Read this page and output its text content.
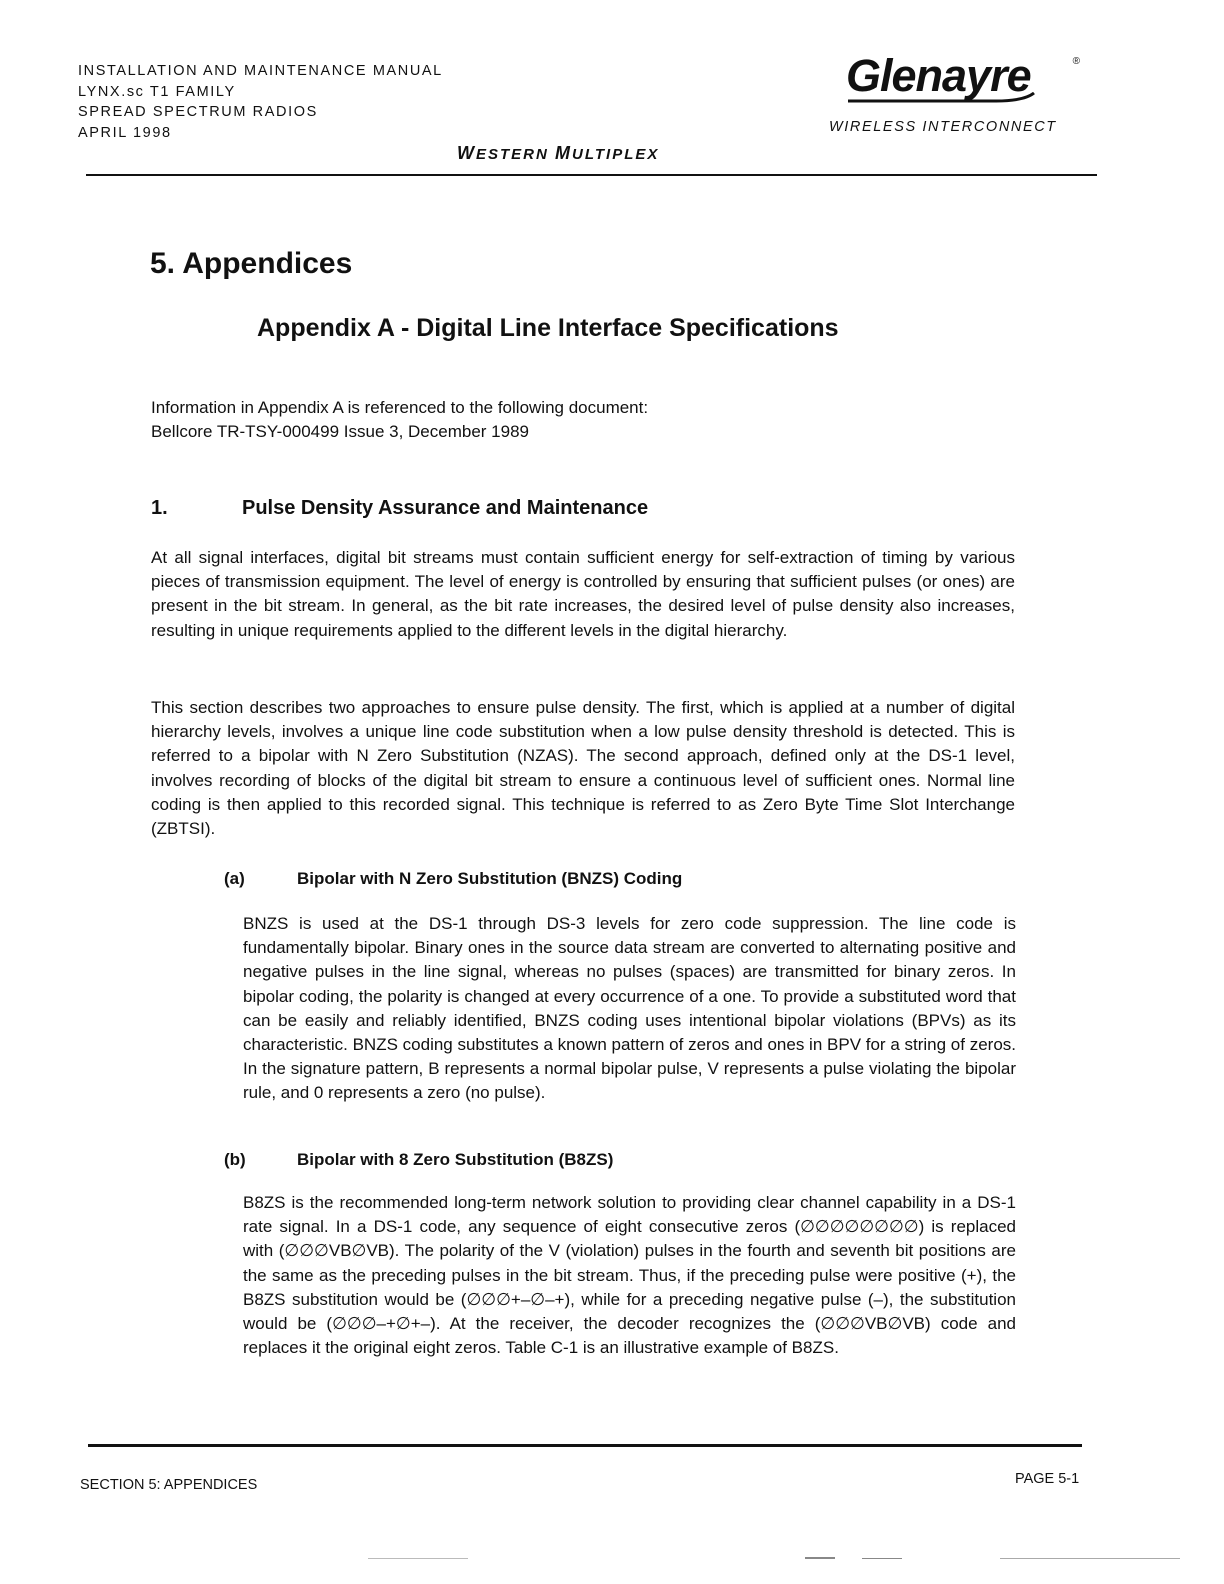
INSTALLATION AND MAINTENANCE MANUAL
LYNX.sc T1 FAMILY
SPREAD SPECTRUM RADIOS
APRIL 1998
Glenayre	®
WIRELESS INTERCONNECT
WESTERN MULTIPLEX
5. Appendices
Appendix A - Digital Line Interface Specifications
Information in Appendix A is referenced to the following document:
Bellcore TR-TSY-000499 Issue 3, December 1989
1.	Pulse Density Assurance and Maintenance
At all signal interfaces, digital bit streams must contain sufficient energy for self-extraction of timing by various pieces of transmission equipment. The level of energy is controlled by ensuring that sufficient pulses (or ones) are present in the bit stream. In general, as the bit rate increases, the desired level of pulse density also increases, resulting in unique requirements applied to the different levels in the digital hierarchy.
This section describes two approaches to ensure pulse density. The first, which is applied at a number of digital hierarchy levels, involves a unique line code substitution when a low pulse density threshold is detected. This is referred to a bipolar with N Zero Substitution (NZAS). The second approach, defined only at the DS-1 level, involves recording of blocks of the digital bit stream to ensure a continuous level of sufficient ones. Normal line coding is then applied to this recorded signal. This technique is referred to as Zero Byte Time Slot Interchange (ZBTSI).
(a)	Bipolar with N Zero Substitution (BNZS) Coding
BNZS is used at the DS-1 through DS-3 levels for zero code suppression. The line code is fundamentally bipolar. Binary ones in the source data stream are converted to alternating positive and negative pulses in the line signal, whereas no pulses (spaces) are transmitted for binary zeros. In bipolar coding, the polarity is changed at every occurrence of a one. To provide a substituted word that can be easily and reliably identified, BNZS coding uses intentional bipolar violations (BPVs) as its characteristic. BNZS coding substitutes a known pattern of zeros and ones in BPV for a string of zeros. In the signature pattern, B represents a normal bipolar pulse, V represents a pulse violating the bipolar rule, and 0 represents a zero (no pulse).
(b)	Bipolar with 8 Zero Substitution (B8ZS)
B8ZS is the recommended long-term network solution to providing clear channel capability in a DS-1 rate signal. In a DS-1 code, any sequence of eight consecutive zeros (∅∅∅∅∅∅∅∅) is replaced with (∅∅∅VB∅VB). The polarity of the V (violation) pulses in the fourth and seventh bit positions are the same as the preceding pulses in the bit stream. Thus, if the preceding pulse were positive (+), the B8ZS substitution would be (∅∅∅+–∅–+), while for a preceding negative pulse (–), the substitution would be (∅∅∅–+∅+–). At the receiver, the decoder recognizes the (∅∅∅VB∅VB) code and replaces it the original eight zeros. Table C-1 is an illustrative example of B8ZS.
SECTION 5: APPENDICES	PAGE 5-1
